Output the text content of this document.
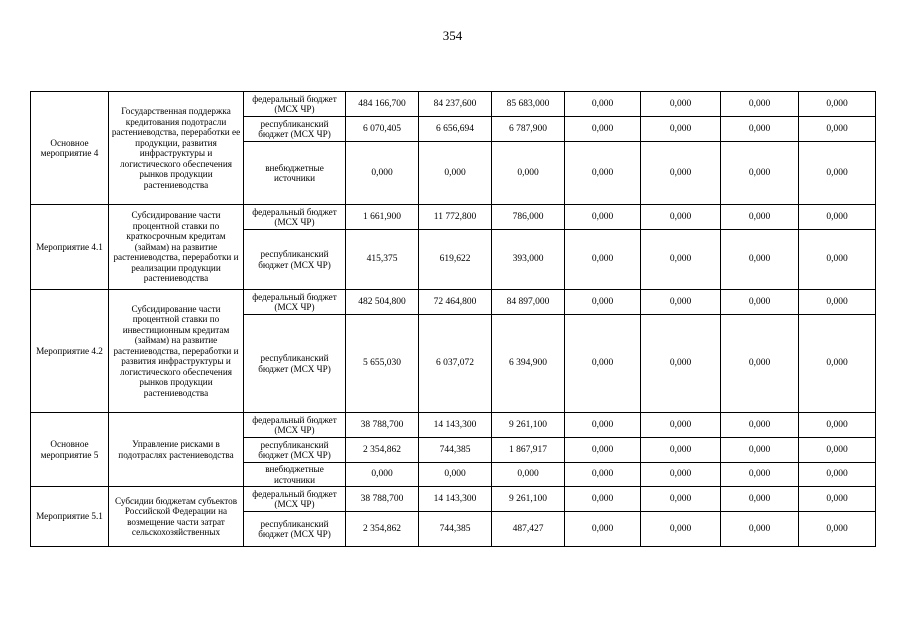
354
Основное мероприятие 4	Государственная поддержка кредитования подотрасли растениеводства, переработки ее продукции, развития инфраструктуры и логистического обеспечения рынков продукции растениеводства	федеральный бюджет (МСХ ЧР)	484 166,700	84 237,600	85 683,000	0,000	0,000	0,000	0,000
		республиканский бюджет (МСХ ЧР)	6 070,405	6 656,694	6 787,900	0,000	0,000	0,000	0,000
		внебюджетные источники	0,000	0,000	0,000	0,000	0,000	0,000	0,000
Мероприятие 4.1	Субсидирование части процентной ставки по краткосрочным кредитам (займам) на развитие растениеводства, переработки и реализации продукции растениеводства	федеральный бюджет (МСХ ЧР)	1 661,900	11 772,800	786,000	0,000	0,000	0,000	0,000
		республиканский бюджет (МСХ ЧР)	415,375	619,622	393,000	0,000	0,000	0,000	0,000
Мероприятие 4.2	Субсидирование части процентной ставки по инвестиционным кредитам (займам) на развитие растениеводства, переработки и развития инфраструктуры и логистического обеспечения рынков продукции растениеводства	федеральный бюджет (МСХ ЧР)	482 504,800	72 464,800	84 897,000	0,000	0,000	0,000	0,000
		республиканский бюджет (МСХ ЧР)	5 655,030	6 037,072	6 394,900	0,000	0,000	0,000	0,000
Основное мероприятие 5	Управление рисками в подотраслях растениеводства	федеральный бюджет (МСХ ЧР)	38 788,700	14 143,300	9 261,100	0,000	0,000	0,000	0,000
		республиканский бюджет (МСХ ЧР)	2 354,862	744,385	1 867,917	0,000	0,000	0,000	0,000
		внебюджетные источники	0,000	0,000	0,000	0,000	0,000	0,000	0,000
Мероприятие 5.1	Субсидии бюджетам субъектов Российской Федерации на возмещение части затрат сельскохозяйственных	федеральный бюджет (МСХ ЧР)	38 788,700	14 143,300	9 261,100	0,000	0,000	0,000	0,000
		республиканский бюджет (МСХ ЧР)	2 354,862	744,385	487,427	0,000	0,000	0,000	0,000
